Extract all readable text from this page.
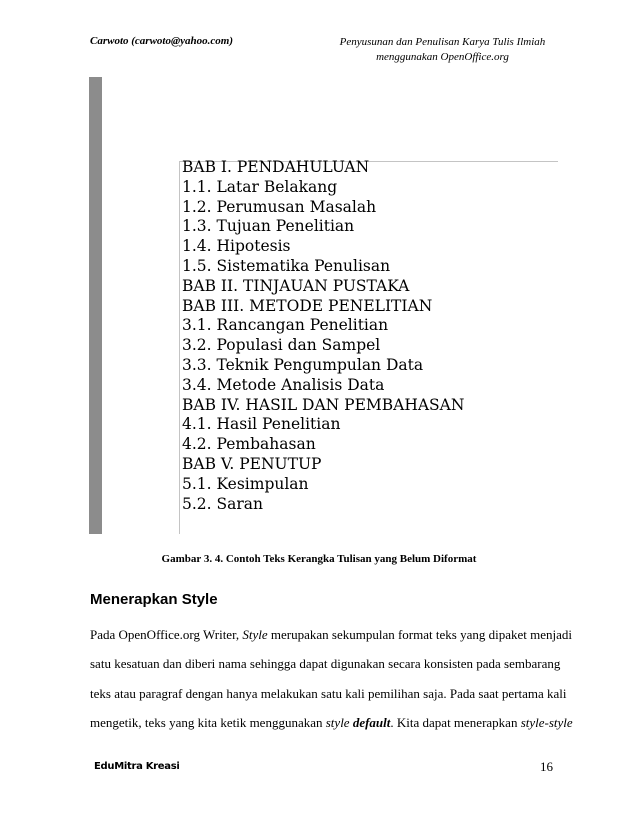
Carwoto (carwoto@yahoo.com)	Penyusunan dan Penulisan Karya Tulis Ilmiah
menggunakan OpenOffice.org
BAB I. PENDAHULUAN
1.1. Latar Belakang
1.2. Perumusan Masalah
1.3. Tujuan Penelitian
1.4. Hipotesis
1.5. Sistematika Penulisan
BAB II. TINJAUAN PUSTAKA
BAB III. METODE PENELITIAN
3.1. Rancangan Penelitian
3.2. Populasi dan Sampel
3.3. Teknik Pengumpulan Data
3.4. Metode Analisis Data
BAB IV. HASIL DAN PEMBAHASAN
4.1. Hasil Penelitian
4.2. Pembahasan
BAB V. PENUTUP
5.1. Kesimpulan
5.2. Saran
Gambar 3. 4. Contoh Teks Kerangka Tulisan yang Belum Diformat
Menerapkan Style
Pada OpenOffice.org Writer, Style merupakan sekumpulan format teks yang dipaket menjadi
satu kesatuan dan diberi nama sehingga dapat digunakan secara konsisten pada sembarang
teks atau paragraf dengan hanya melakukan satu kali pemilihan saja. Pada saat pertama kali
mengetik, teks yang kita ketik menggunakan style default. Kita dapat menerapkan style-style
EduMitra Kreasi	16
